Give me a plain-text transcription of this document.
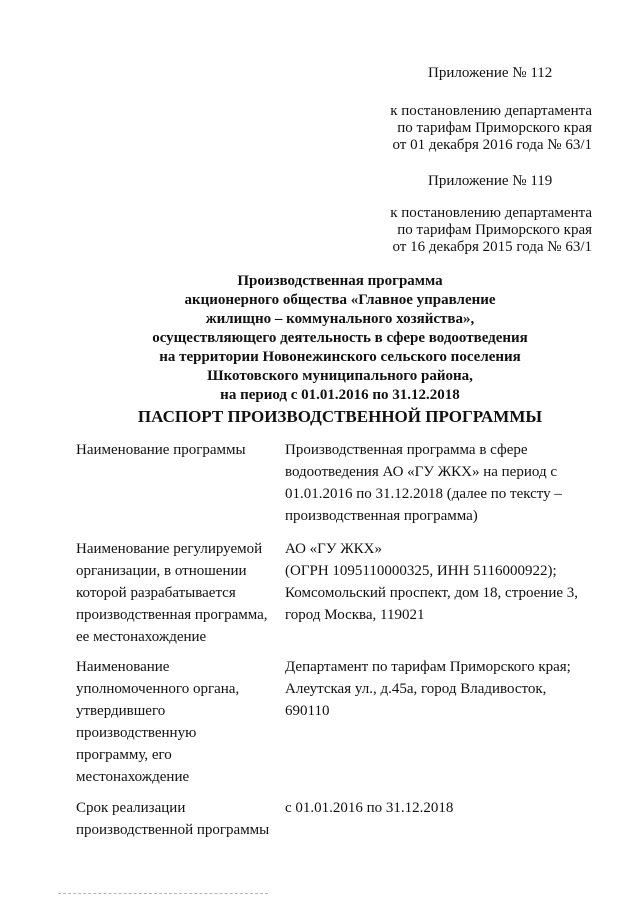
Приложение № 112
к постановлению департамента
по тарифам Приморского края
от 01 декабря 2016 года № 63/1
Приложение № 119
к постановлению департамента
по тарифам Приморского края
от 16 декабря 2015 года № 63/1
Производственная программа
акционерного общества «Главное управление
жилищно – коммунального хозяйства»,
осуществляющего деятельность в сфере водоотведения
на территории Новонежинского сельского поселения
Шкотовского муниципального района,
на период с 01.01.2016 по 31.12.2018
ПАСПОРТ ПРОИЗВОДСТВЕННОЙ ПРОГРАММЫ
Наименование программы	Производственная программа в сфере
водоотведения АО «ГУ ЖКХ» на период с
01.01.2016 по 31.12.2018 (далее по тексту –
производственная программа)
Наименование регулируемой
организации, в отношении
которой разрабатывается
производственная программа,
ее местонахождение
АО «ГУ ЖКХ»
(ОГРН 1095110000325, ИНН 5116000922);
Комсомольский проспект, дом 18, строение 3,
город Москва, 119021
Наименование
уполномоченного органа,
утвердившего
производственную
программу, его
местонахождение
Департамент по тарифам Приморского края;
Алеутская ул., д.45а, город Владивосток,
690110
Срок реализации
производственной программы
с 01.01.2016 по 31.12.2018
